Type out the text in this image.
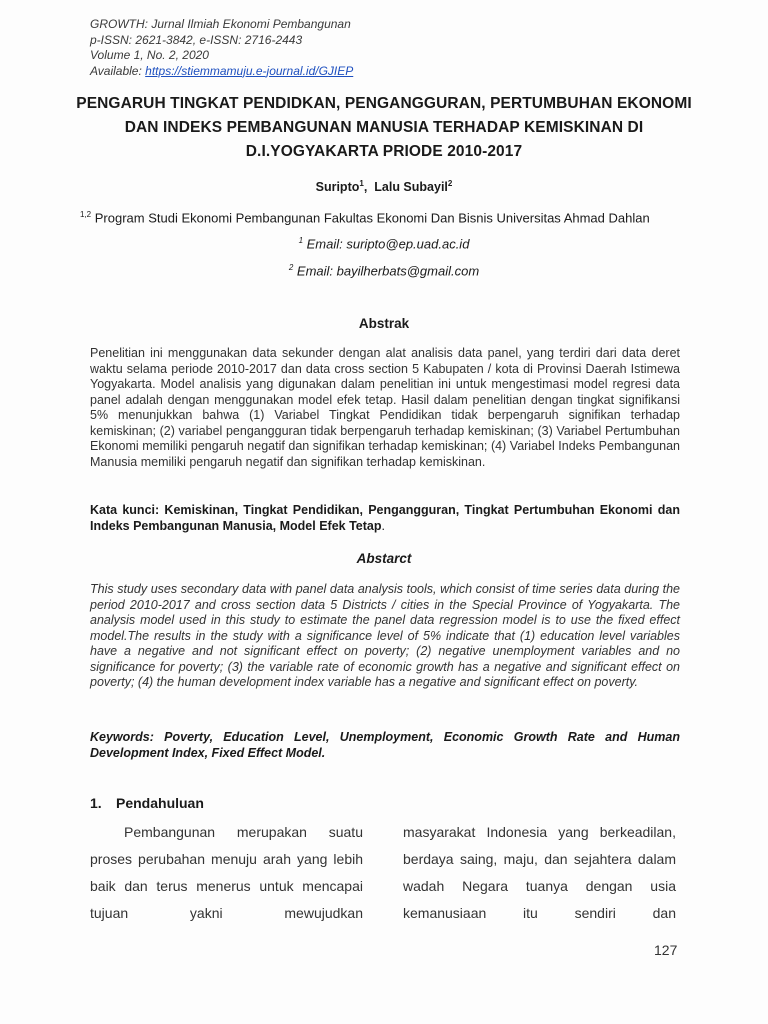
GROWTH: Jurnal Ilmiah Ekonomi Pembangunan
p-ISSN: 2621-3842, e-ISSN: 2716-2443
Volume 1, No. 2, 2020
Available: https://stiemmamuju.e-journal.id/GJIEP
PENGARUH TINGKAT PENDIDKAN, PENGANGGURAN, PERTUMBUHAN EKONOMI DAN INDEKS PEMBANGUNAN MANUSIA TERHADAP KEMISKINAN DI D.I.YOGYAKARTA PRIODE 2010-2017
Suripto$^1$, Lalu Subayil$^2$
$^{1,2}$ Program Studi Ekonomi Pembangunan Fakultas Ekonomi Dan Bisnis Universitas Ahmad Dahlan
$^1$ Email: suripto@ep.uad.ac.id
$^2$ Email: bayilherbats@gmail.com
Abstrak
Penelitian ini menggunakan data sekunder dengan alat analisis data panel, yang terdiri dari data deret waktu selama periode 2010-2017 dan data cross section 5 Kabupaten / kota di Provinsi Daerah Istimewa Yogyakarta. Model analisis yang digunakan dalam penelitian ini untuk mengestimasi model regresi data panel adalah dengan menggunakan model efek tetap. Hasil dalam penelitian dengan tingkat signifikansi 5% menunjukkan bahwa (1) Variabel Tingkat Pendidikan tidak berpengaruh signifikan terhadap kemiskinan; (2) variabel pengangguran tidak berpengaruh terhadap kemiskinan; (3) Variabel Pertumbuhan Ekonomi memiliki pengaruh negatif dan signifikan terhadap kemiskinan; (4) Variabel Indeks Pembangunan Manusia memiliki pengaruh negatif dan signifikan terhadap kemiskinan.
Kata kunci: Kemiskinan, Tingkat Pendidikan, Pengangguran, Tingkat Pertumbuhan Ekonomi dan Indeks Pembangunan Manusia, Model Efek Tetap.
Abstarct
This study uses secondary data with panel data analysis tools, which consist of time series data during the period 2010-2017 and cross section data 5 Districts / cities in the Special Province of Yogyakarta. The analysis model used in this study to estimate the panel data regression model is to use the fixed effect model.The results in the study with a significance level of 5% indicate that (1) education level variables have a negative and not significant effect on poverty; (2) negative unemployment variables and no significance for poverty; (3) the variable rate of economic growth has a negative and significant effect on poverty; (4) the human development index variable has a negative and significant effect on poverty.
Keywords: Poverty, Education Level, Unemployment, Economic Growth Rate and Human Development Index, Fixed Effect Model.
1. Pendahuluan
Pembangunan merupakan suatu proses perubahan menuju arah yang lebih baik dan terus menerus untuk mencapai tujuan yakni mewujudkan
masyarakat Indonesia yang berkeadilan, berdaya saing, maju, dan sejahtera dalam wadah Negara tuanya dengan usia kemanusiaan itu sendiri dan
127
